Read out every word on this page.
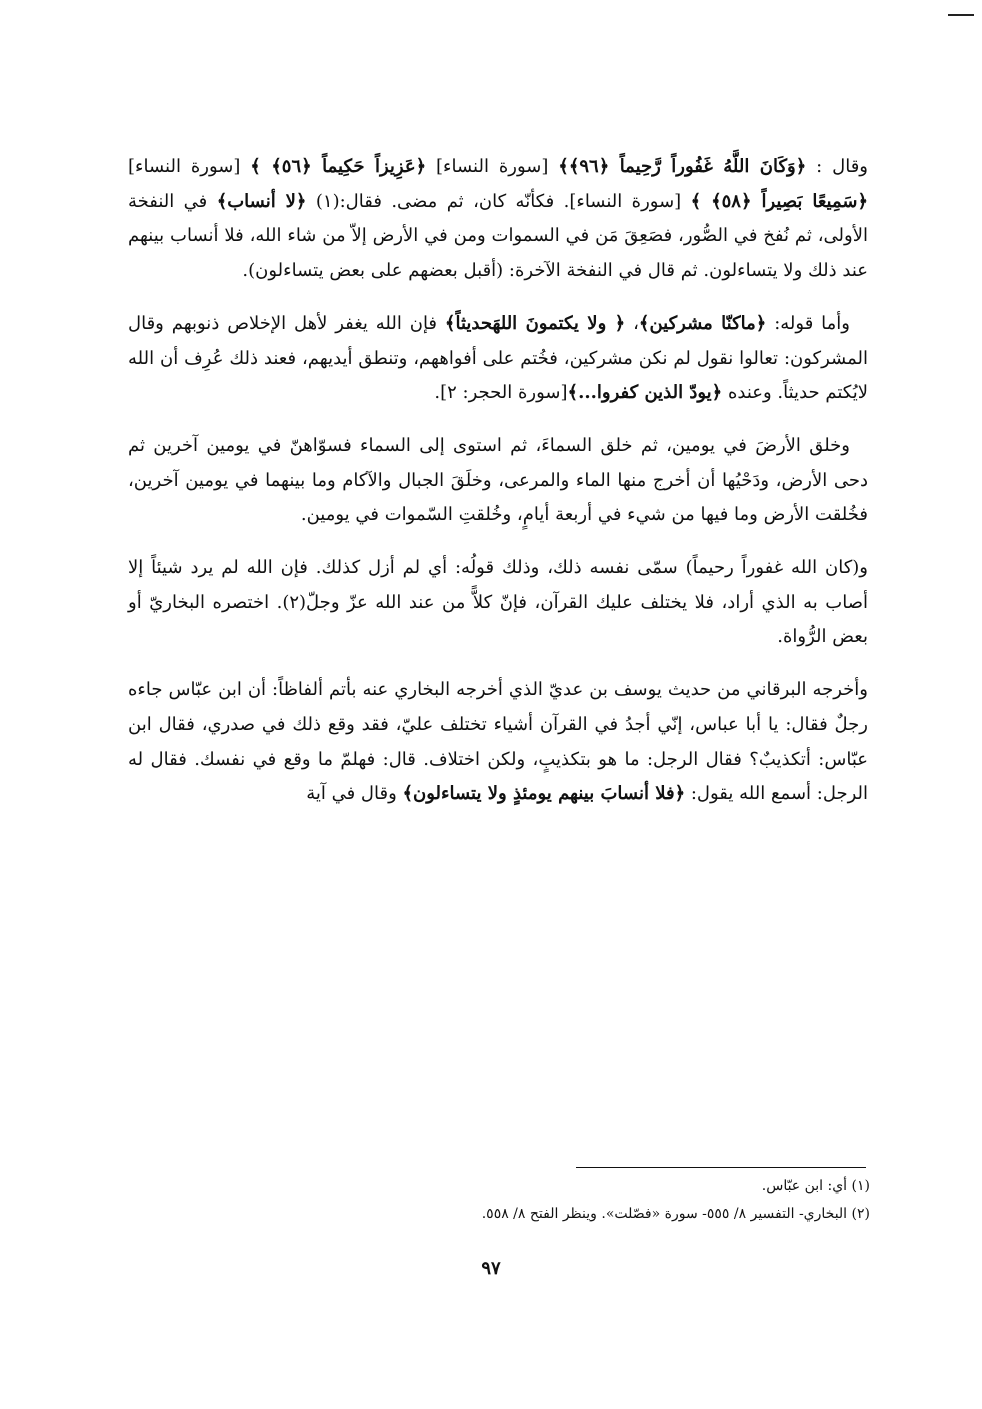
وقال : ﴿وَكَانَ اللَّهُ غَفُوراً رَّحِيماً ﴿٩٦﴾﴾ [سورة النساء] ﴿عَزِيزاً حَكِيماً ﴿٥٦﴾ ﴾ [سورة النساء] ﴿سَمِيعًا بَصِيراً ﴿٥٨﴾ ﴾ [سورة النساء]. فكأنّه كان، ثم مضى. فقال:(١) ﴿لا أنساب﴾ في النفخة الأولى، ثم نُفخ في الصُّور، فصَعِقَ مَن في السموات ومن في الأرض إلاّ من شاء الله، فلا أنساب بينهم عند ذلك ولا يتساءلون. ثم قال في النفخة الآخرة: (أقبل بعضهم على بعض يتساءلون).

وأما قوله: ﴿ماكنّا مشركين﴾، ﴿ ولا يكتمونَ اللهَحديثاً﴾ فإن الله يغفر لأهل الإخلاص ذنوبهم وقال المشركون: تعالوا نقول لم نكن مشركين، فخُتم على أفواههم، وتنطق أيديهم، فعند ذلك عُرِف أن الله لايُكتم حديثاً. وعنده ﴿يودّ الذين كفروا...﴾[سورة الحجر: ٢].

وخلق الأرضَ في يومين، ثم خلق السماءَ، ثم استوى إلى السماء فسوّاهنّ في يومين آخرين ثم دحى الأرض، ودَحْيُها أن أخرج منها الماء والمرعى، وخلَقَ الجبال والآكام وما بينهما في يومين آخرين، فخُلقت الأرض وما فيها من شيء في أربعة أيامٍ، وخُلقتِ السّموات في يومين.

و(كان الله غفوراً رحيماً) سمّى نفسه ذلك، وذلك قولُه: أي لم أزل كذلك. فإن الله لم يرد شيئاً إلا أصاب به الذي أراد، فلا يختلف عليك القرآن، فإنّ كلاًّ من عند الله عزّ وجلّ(٢). اختصره البخاريّ أو بعض الرُّواة.

وأخرجه البرقاني من حديث يوسف بن عديّ الذي أخرجه البخاري عنه بأتم ألفاظاً: أن ابن عبّاس جاءه رجلٌ فقال: يا أبا عباس، إنّي أجدُ في القرآن أشياء تختلف عليّ، فقد وقع ذلك في صدري، فقال ابن عبّاس: أتكذيبٌ؟ فقال الرجل: ما هو بتكذيبٍ، ولكن اختلاف. قال: فهلمّ ما وقع في نفسك. فقال له الرجل: أسمع الله يقول: ﴿فلا أنسابَ بينهم يومئذٍ ولا يتساءلون﴾ وقال في آية

(١) أي: ابن عبّاس.
(٢) البخاري- التفسير ٨/ ٥٥٥- سورة «فصّلت». وينظر الفتح ٨/ ٥٥٨.
٩٧
